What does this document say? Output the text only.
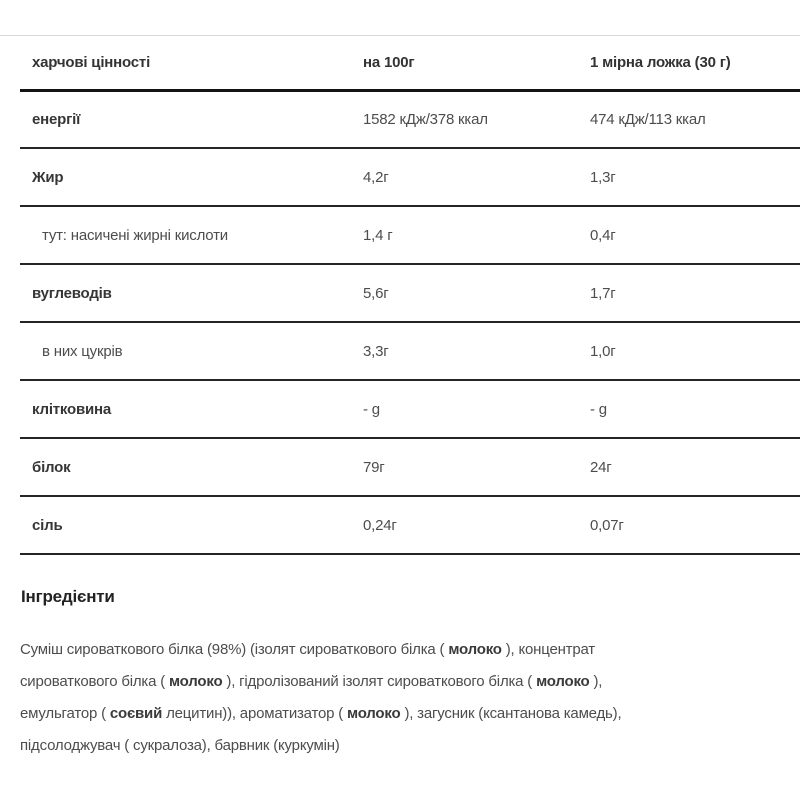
харчові цінності	на 100г	1 мірна ложка (30 г)
енергії	1582 кДж/378 ккал	474 кДж/113 ккал
Жир	4,2г	1,3г
тут: насичені жирні кислоти	1,4 г	0,4г
вуглеводів	5,6г	1,7г
в них цукрів	3,3г	1,0г
клітковина	- g	- g
білок	79г	24г
сіль	0,24г	0,07г
Інгредієнти
Суміш сироваткового білка (98%) (ізолят сироваткового білка ( молоко ), концентрат
сироваткового білка ( молоко ), гідролізований ізолят сироваткового білка ( молоко ),
емульгатор ( соєвий лецитин)), ароматизатор ( молоко ), загусник (ксантанова камедь),
підсолоджувач ( сукралоза), барвник (куркумін)
